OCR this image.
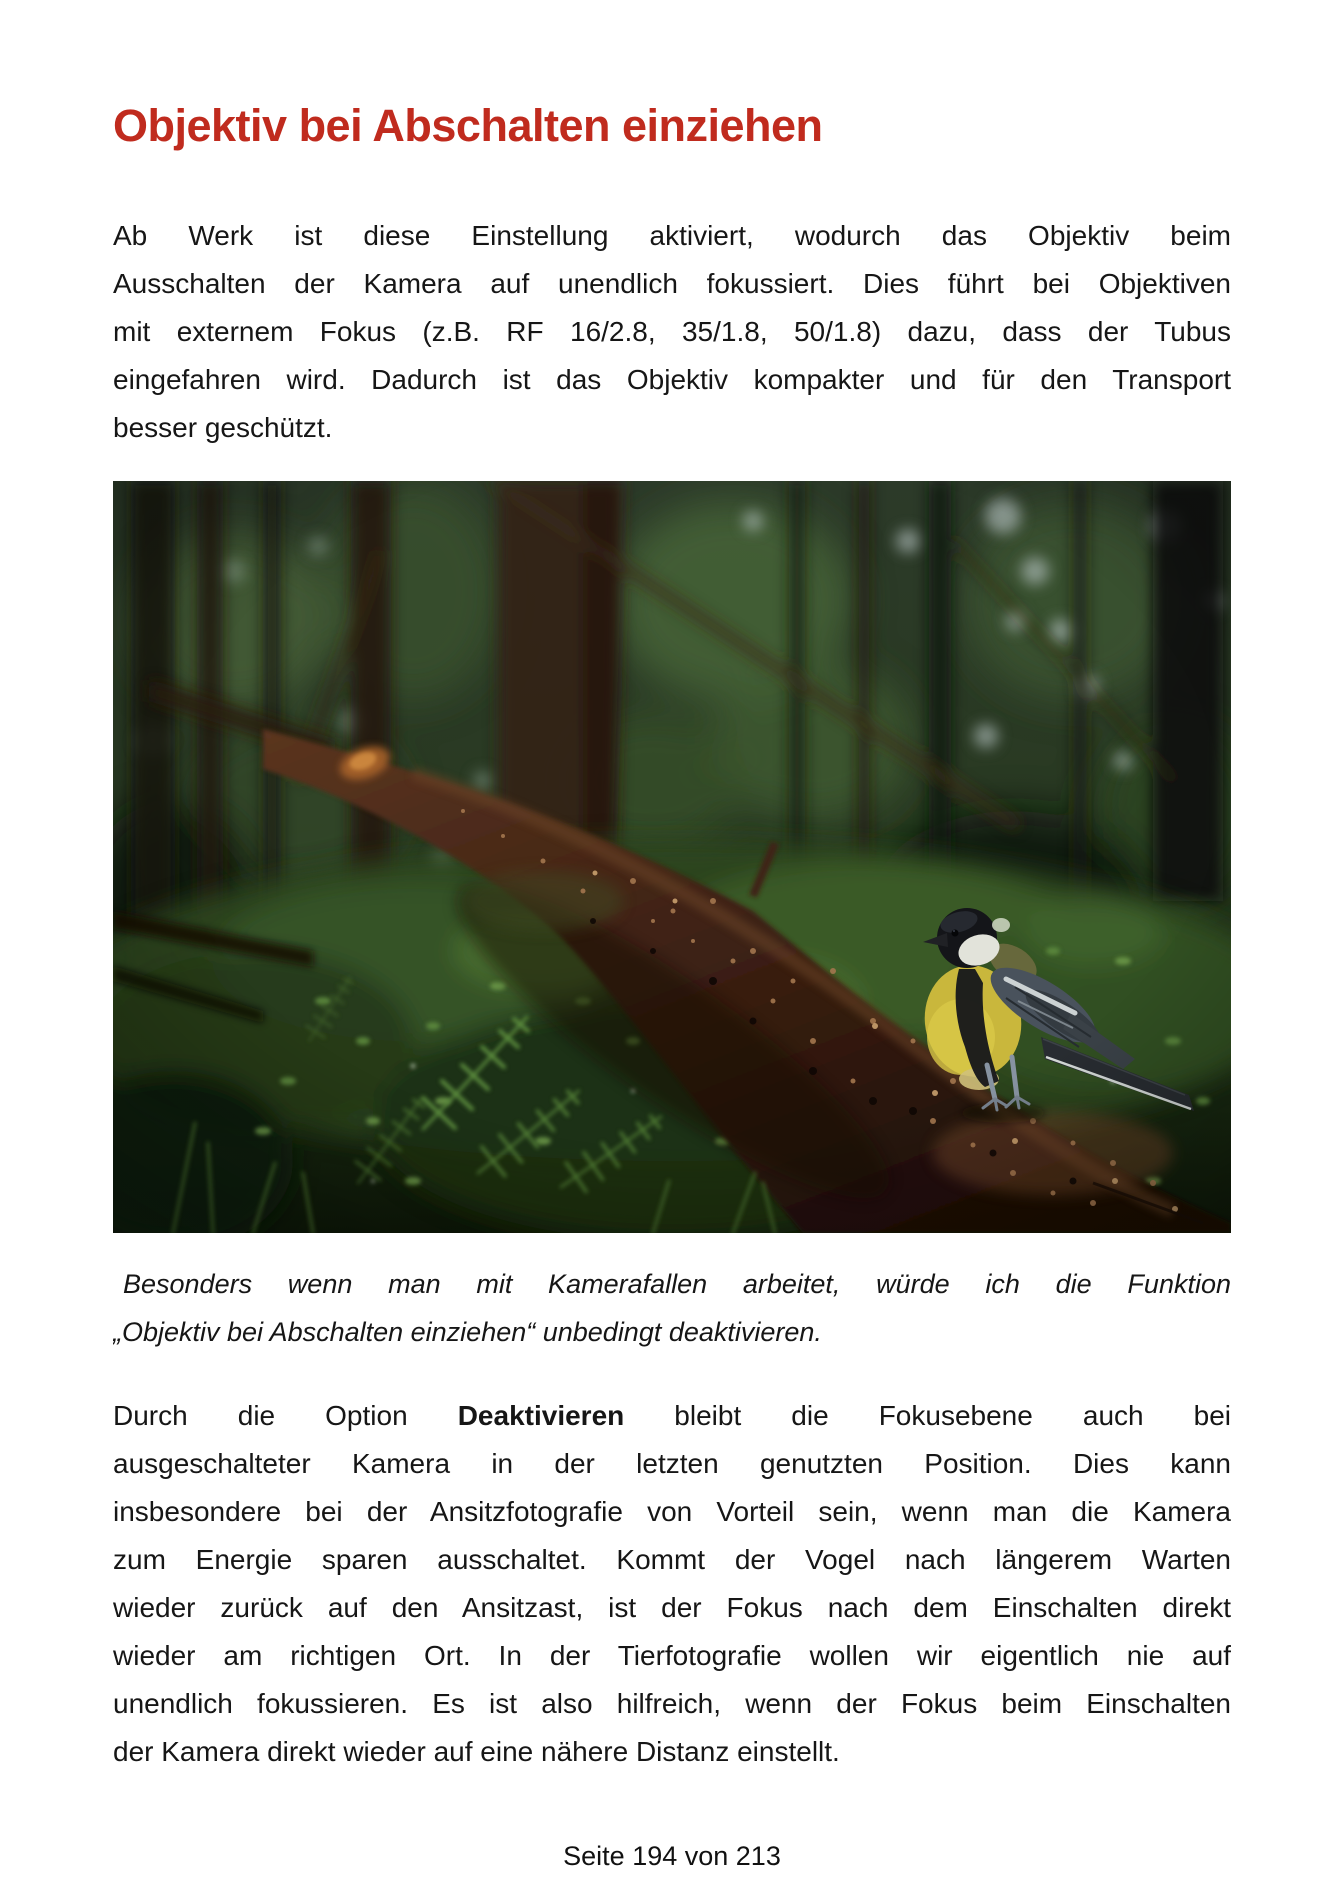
Objektiv bei Abschalten einziehen
Ab Werk ist diese Einstellung aktiviert, wodurch das Objektiv beim
Ausschalten der Kamera auf unendlich fokussiert. Dies führt bei Objektiven
mit externem Fokus (z.B. RF 16/2.8, 35/1.8, 50/1.8) dazu, dass der Tubus
eingefahren wird. Dadurch ist das Objektiv kompakter und für den Transport
besser geschützt.
Besonders wenn man mit Kamerafallen arbeitet, würde ich die Funktion
„Objektiv bei Abschalten einziehen“ unbedingt deaktivieren.
Durch die Option Deaktivieren bleibt die Fokusebene auch bei
ausgeschalteter Kamera in der letzten genutzten Position. Dies kann
insbesondere bei der Ansitzfotografie von Vorteil sein, wenn man die Kamera
zum Energie sparen ausschaltet. Kommt der Vogel nach längerem Warten
wieder zurück auf den Ansitzast, ist der Fokus nach dem Einschalten direkt
wieder am richtigen Ort. In der Tierfotografie wollen wir eigentlich nie auf
unendlich fokussieren. Es ist also hilfreich, wenn der Fokus beim Einschalten
der Kamera direkt wieder auf eine nähere Distanz einstellt.
Seite 194 von 213
